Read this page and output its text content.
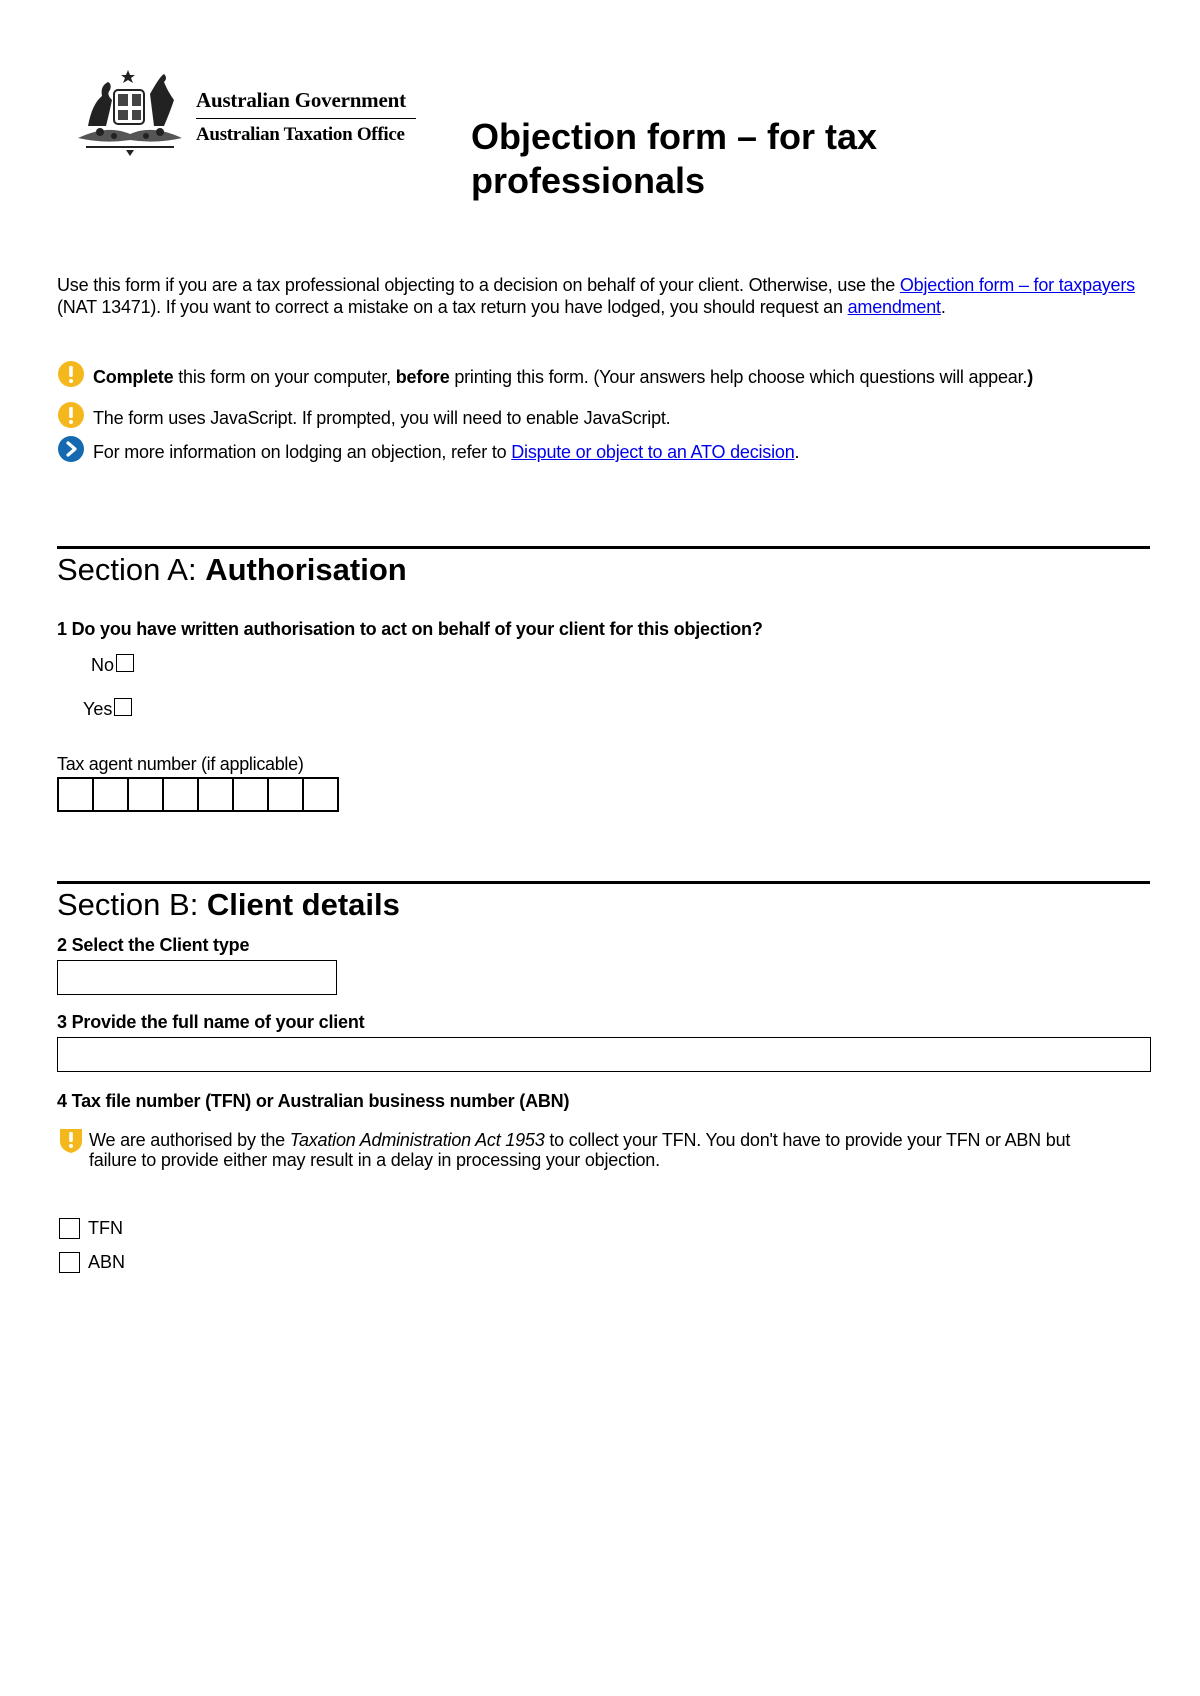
Australian Government
Australian Taxation Office Objection form – for tax professionals
Use this form if you are a tax professional objecting to a decision on behalf of your client. Otherwise, use the Objection form – for taxpayers (NAT 13471). If you want to correct a mistake on a tax return you have lodged, you should request an amendment.
Complete this form on your computer, before printing this form. (Your answers help choose which questions will appear.)
The form uses JavaScript. If prompted, you will need to enable JavaScript.
For more information on lodging an objection, refer to Dispute or object to an ATO decision.
Section A: Authorisation
1 Do you have written authorisation to act on behalf of your client for this objection?
No
Yes
Tax agent number (if applicable)
Section B: Client details
2 Select the Client type
3 Provide the full name of your client
4 Tax file number (TFN) or Australian business number (ABN)
We are authorised by the Taxation Administration Act 1953 to collect your TFN. You don't have to provide your TFN or ABN but failure to provide either may result in a delay in processing your objection.
TFN
ABN
